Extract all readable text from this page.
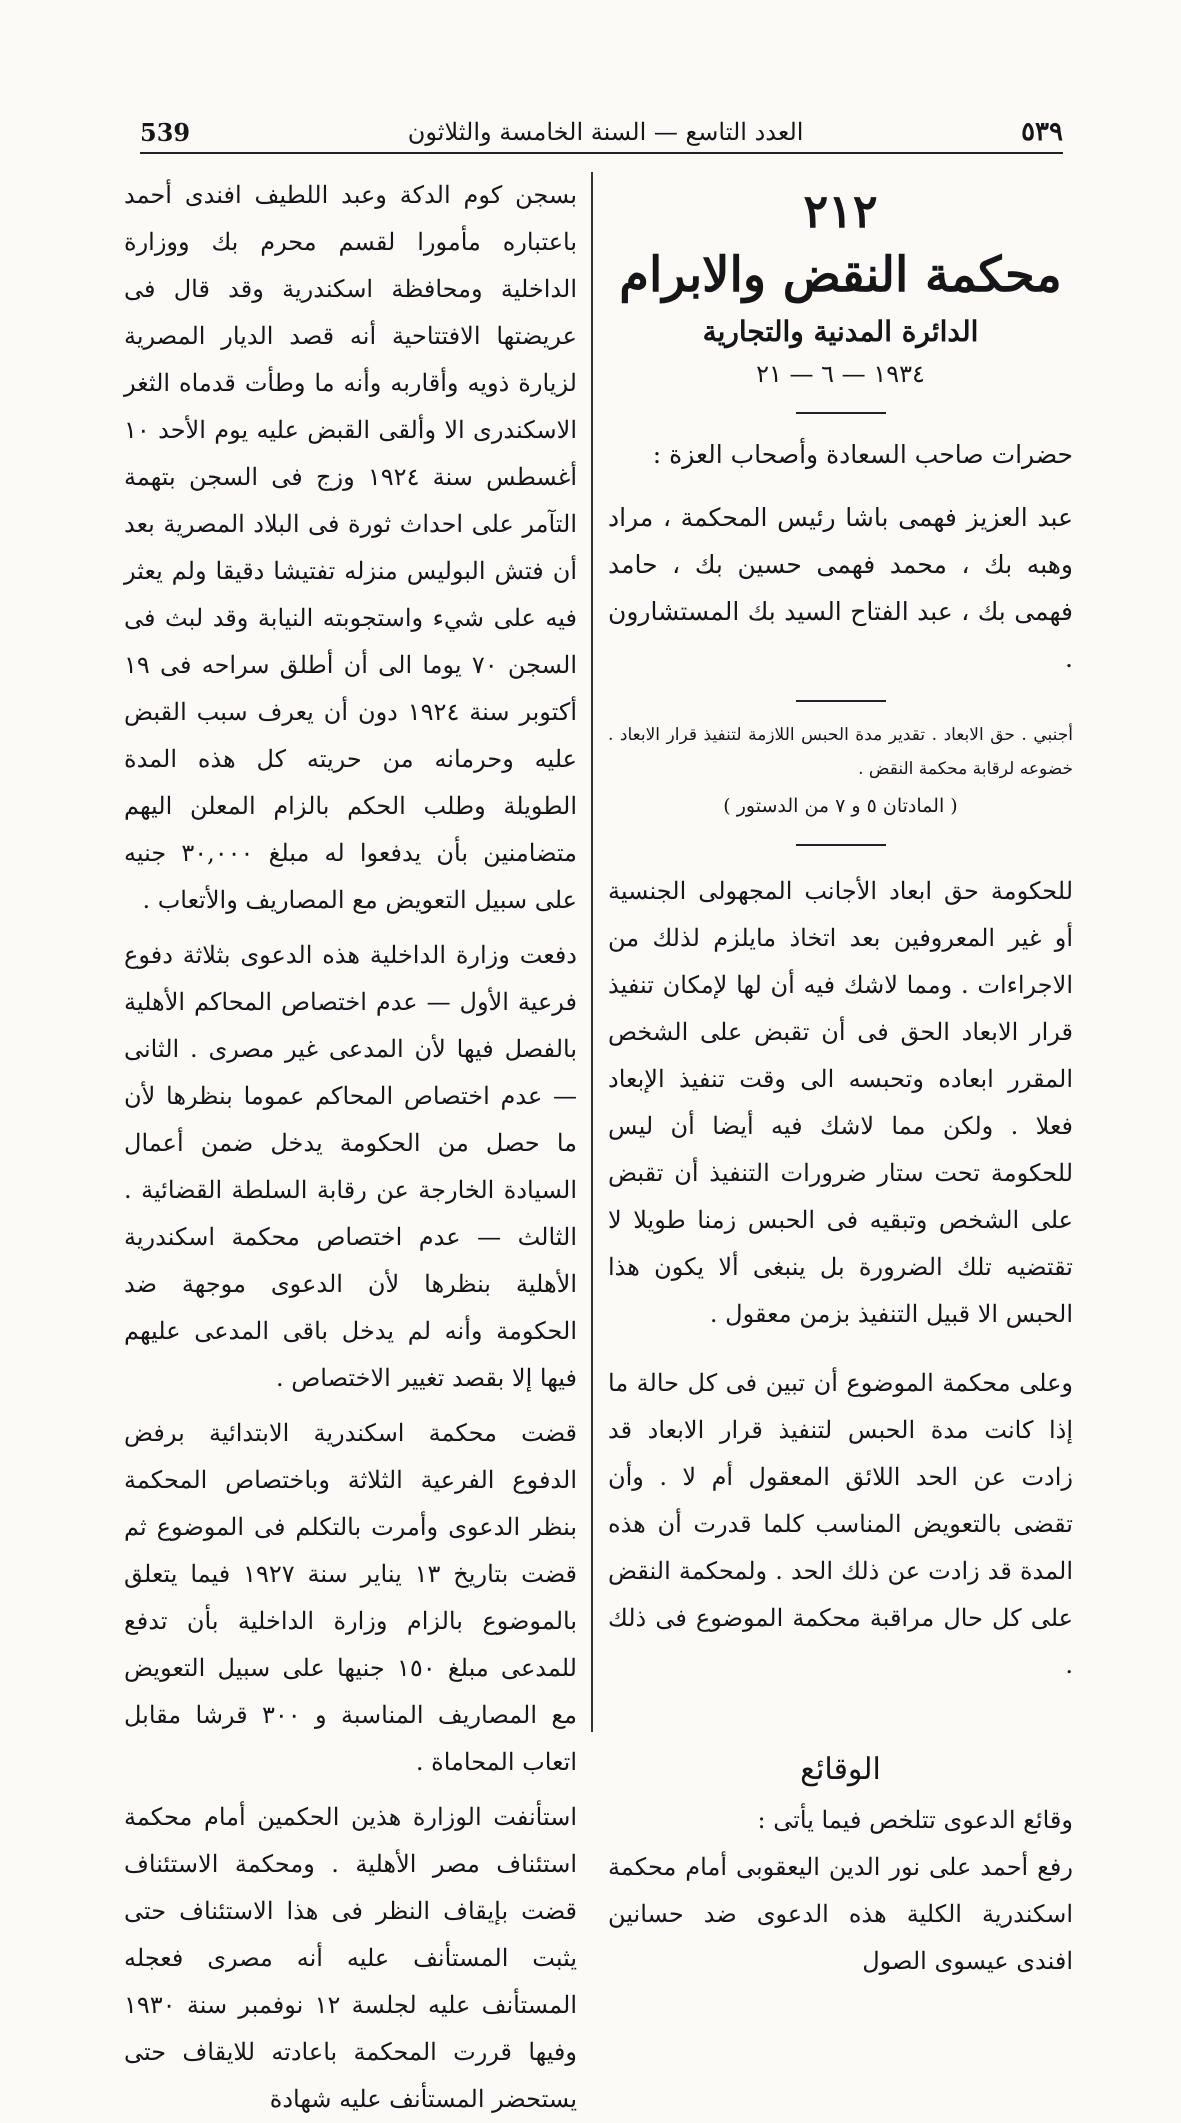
٥٣٩
العدد التاسع — السنة الخامسة والثلاثون
539
٢١٢
محكمة النقض والابرام
الدائرة المدنية والتجارية
١٩٣٤ — ٦ — ٢١
حضرات صاحب السعادة وأصحاب العزة :
عبد العزيز فهمى باشا رئيس المحكمة ، مراد وهبه بك ، محمد فهمى حسين بك ، حامد فهمى بك ، عبد الفتاح السيد بك المستشارون .
أجنبي . حق الابعاد . تقدير مدة الحبس اللازمة لتنفيذ قرار الابعاد . خضوعه لرقابة محكمة النقض .
( المادتان ٥ و ٧ من الدستور )

للحكومة حق ابعاد الأجانب المجهولى الجنسية أو غير المعروفين بعد اتخاذ مايلزم لذلك من الاجراءات . ومما لاشك فيه أن لها لإمكان تنفيذ قرار الابعاد الحق فى أن تقبض على الشخص المقرر ابعاده وتحبسه الى وقت تنفيذ الإبعاد فعلا . ولكن مما لاشك فيه أيضا أن ليس للحكومة تحت ستار ضرورات التنفيذ أن تقبض على الشخص وتبقيه فى الحبس زمنا طويلا لا تقتضيه تلك الضرورة بل ينبغى ألا يكون هذا الحبس الا قبيل التنفيذ بزمن معقول .

وعلى محكمة الموضوع أن تبين فى كل حالة ما إذا كانت مدة الحبس لتنفيذ قرار الابعاد قد زادت عن الحد اللائق المعقول أم لا . وأن تقضى بالتعويض المناسب كلما قدرت أن هذه المدة قد زادت عن ذلك الحد . ولمحكمة النقض على كل حال مراقبة محكمة الموضوع فى ذلك .

الوقائع

وقائع الدعوى تتلخص فيما يأتى :

رفع أحمد على نور الدين اليعقوبى أمام محكمة اسكندرية الكلية هذه الدعوى ضد حسانين افندى عيسوى الصول

بسجن كوم الدكة وعبد اللطيف افندى أحمد باعتباره مأمورا لقسم محرم بك ووزارة الداخلية ومحافظة اسكندرية وقد قال فى عريضتها الافتتاحية أنه قصد الديار المصرية لزيارة ذويه وأقاربه وأنه ما وطأت قدماه الثغر الاسكندرى الا وألقى القبض عليه يوم الأحد ١٠ أغسطس سنة ١٩٢٤ وزج فى السجن بتهمة التآمر على احداث ثورة فى البلاد المصرية بعد أن فتش البوليس منزله تفتيشا دقيقا ولم يعثر فيه على شيء واستجوبته النيابة وقد لبث فى السجن ٧٠ يوما الى أن أطلق سراحه فى ١٩ أكتوبر سنة ١٩٢٤ دون أن يعرف سبب القبض عليه وحرمانه من حريته كل هذه المدة الطويلة وطلب الحكم بالزام المعلن اليهم متضامنين بأن يدفعوا له مبلغ ٣٠,٠٠٠ جنيه على سبيل التعويض مع المصاريف والأتعاب .

دفعت وزارة الداخلية هذه الدعوى بثلاثة دفوع فرعية الأول — عدم اختصاص المحاكم الأهلية بالفصل فيها لأن المدعى غير مصرى . الثانى — عدم اختصاص المحاكم عموما بنظرها لأن ما حصل من الحكومة يدخل ضمن أعمال السيادة الخارجة عن رقابة السلطة القضائية . الثالث — عدم اختصاص محكمة اسكندرية الأهلية بنظرها لأن الدعوى موجهة ضد الحكومة وأنه لم يدخل باقى المدعى عليهم فيها إلا بقصد تغيير الاختصاص .

قضت محكمة اسكندرية الابتدائية برفض الدفوع الفرعية الثلاثة وباختصاص المحكمة بنظر الدعوى وأمرت بالتكلم فى الموضوع ثم قضت بتاريخ ١٣ يناير سنة ١٩٢٧ فيما يتعلق بالموضوع بالزام وزارة الداخلية بأن تدفع للمدعى مبلغ ١٥٠ جنيها على سبيل التعويض مع المصاريف المناسبة و ٣٠٠ قرشا مقابل اتعاب المحاماة .

استأنفت الوزارة هذين الحكمين أمام محكمة استئناف مصر الأهلية . ومحكمة الاستئناف قضت بإيقاف النظر فى هذا الاستئناف حتى يثبت المستأنف عليه أنه مصرى فعجله المستأنف عليه لجلسة ١٢ نوفمبر سنة ١٩٣٠ وفيها قررت المحكمة باعادته للايقاف حتى يستحضر المستأنف عليه شهادة
